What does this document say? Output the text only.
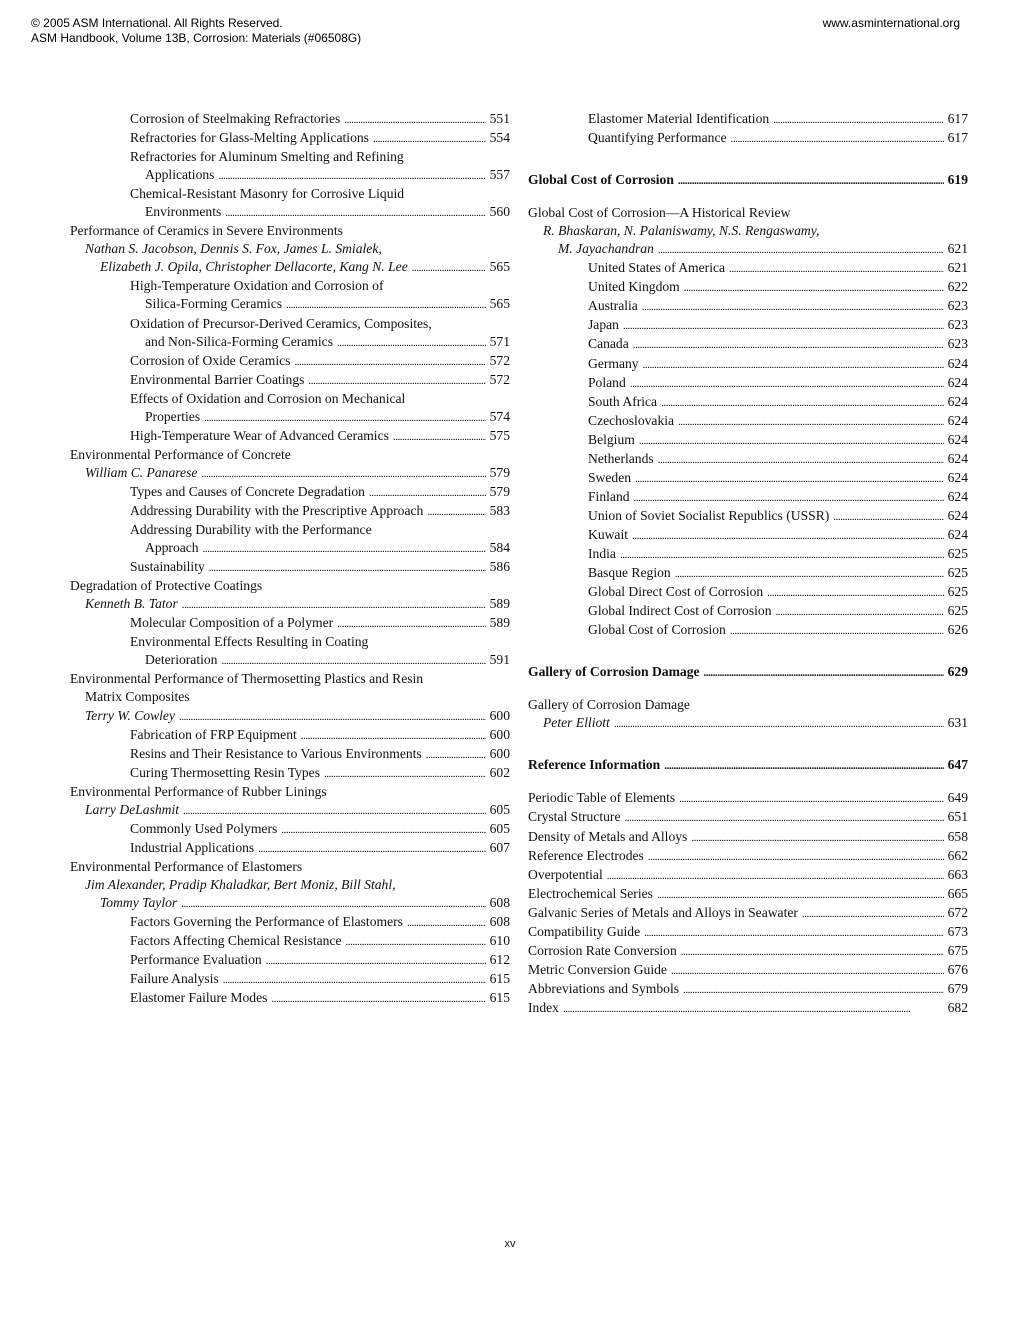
© 2005 ASM International. All Rights Reserved.
ASM Handbook, Volume 13B, Corrosion: Materials (#06508G)
www.asminternational.org
Corrosion of Steelmaking Refractories . . .	551
Refractories for Glass-Melting Applications . . .	554
Refractories for Aluminum Smelting and Refining
Applications . . .	557
Chemical-Resistant Masonry for Corrosive Liquid
Environments . . .	560
Performance of Ceramics in Severe Environments
Nathan S. Jacobson, Dennis S. Fox, James L. Smialek,
Elizabeth J. Opila, Christopher Dellacorte, Kang N. Lee . . .	565
High-Temperature Oxidation and Corrosion of
Silica-Forming Ceramics . . .	565
Oxidation of Precursor-Derived Ceramics, Composites,
and Non-Silica-Forming Ceramics . . .	571
Corrosion of Oxide Ceramics . . .	572
Environmental Barrier Coatings . . .	572
Effects of Oxidation and Corrosion on Mechanical
Properties . . .	574
High-Temperature Wear of Advanced Ceramics . . .	575
Environmental Performance of Concrete
William C. Panarese . . .	579
Types and Causes of Concrete Degradation . . .	579
Addressing Durability with the Prescriptive Approach . . .	583
Addressing Durability with the Performance
Approach . . .	584
Sustainability . . .	586
Degradation of Protective Coatings
Kenneth B. Tator . . .	589
Molecular Composition of a Polymer . . .	589
Environmental Effects Resulting in Coating
Deterioration . . .	591
Environmental Performance of Thermosetting Plastics and Resin
Matrix Composites
Terry W. Cowley . . .	600
Fabrication of FRP Equipment . . .	600
Resins and Their Resistance to Various Environments . . .	600
Curing Thermosetting Resin Types . . .	602
Environmental Performance of Rubber Linings
Larry DeLashmit . . .	605
Commonly Used Polymers . . .	605
Industrial Applications . . .	607
Environmental Performance of Elastomers
Jim Alexander, Pradip Khaladkar, Bert Moniz, Bill Stahl,
Tommy Taylor . . .	608
Factors Governing the Performance of Elastomers . . .	608
Factors Affecting Chemical Resistance . . .	610
Performance Evaluation . . .	612
Failure Analysis . . .	615
Elastomer Failure Modes . . .	615
Elastomer Material Identification . . .	617
Quantifying Performance . . .	617
Global Cost of Corrosion . . .	619
Global Cost of Corrosion—A Historical Review
R. Bhaskaran, N. Palaniswamy, N.S. Rengaswamy,
M. Jayachandran . . .	621
United States of America . . .	621
United Kingdom . . .	622
Australia . . .	623
Japan . . .	623
Canada . . .	623
Germany . . .	624
Poland . . .	624
South Africa . . .	624
Czechoslovakia . . .	624
Belgium . . .	624
Netherlands . . .	624
Sweden . . .	624
Finland . . .	624
Union of Soviet Socialist Republics (USSR) . . .	624
Kuwait . . .	624
India . . .	625
Basque Region . . .	625
Global Direct Cost of Corrosion . . .	625
Global Indirect Cost of Corrosion . . .	625
Global Cost of Corrosion . . .	626
Gallery of Corrosion Damage . . .	629
Gallery of Corrosion Damage
Peter Elliott . . .	631
Reference Information . . .	647
Periodic Table of Elements . . .	649
Crystal Structure . . .	651
Density of Metals and Alloys . . .	658
Reference Electrodes . . .	662
Overpotential . . .	663
Electrochemical Series . . .	665
Galvanic Series of Metals and Alloys in Seawater . . .	672
Compatibility Guide . . .	673
Corrosion Rate Conversion . . .	675
Metric Conversion Guide . . .	676
Abbreviations and Symbols . . .	679
Index . . .	682
xv
